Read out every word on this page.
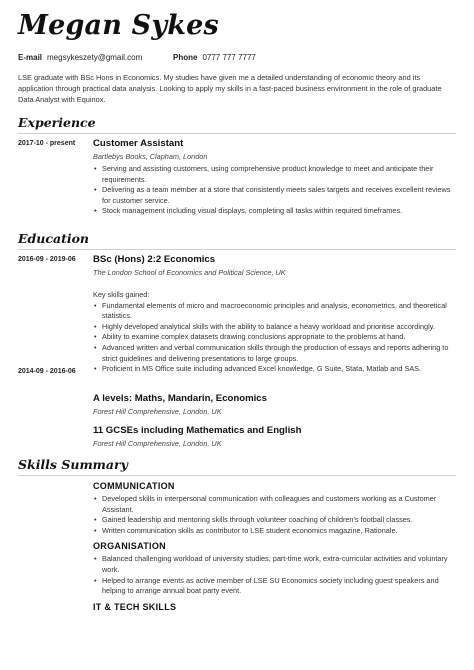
Megan Sykes
E-mail megsykeszety@gmail.com	Phone 0777 777 7777
LSE graduate with BSc Hons in Economics. My studies have given me a detailed understanding of economic theory and its application through practical data analysis. Looking to apply my skills in a fast-paced business environment in the role of graduate Data Analyst with Equinox.
Experience
2017-10 - present Customer Assistant
Bartlebys Books, Clapham, London
• Serving and assisting customers, using comprehensive product knowledge to meet and anticipate their requirements.
• Delivering as a team member at a store that consistently meets sales targets and receives excellent reviews for customer service.
• Stock management including visual displays, completing all tasks within required timeframes.
Education
2016-09 - 2019-06 BSc (Hons) 2:2 Economics
The London School of Economics and Political Science, UK
Key skills gained:
• Fundamental elements of micro and macroeconomic principles and analysis, econometrics, and theoretical statistics.
• Highly developed analytical skills with the ability to balance a heavy workload and prioritise accordingly.
• Ability to examine complex datasets drawing conclusions appropriate to the problems at hand.
• Advanced written and verbal communication skills through the production of essays and reports adhering to strict guidelines and delivering presentations to large groups.
• Proficient in MS Office suite including advanced Excel knowledge, G Suite, Stata, Matlab and SAS.
2014-09 - 2016-06
A levels: Maths, Mandarin, Economics
Forest Hill Comprehensive, London, UK
11 GCSEs including Mathematics and English
Forest Hill Comprehensive, London, UK
Skills Summary
COMMUNICATION
• Developed skills in interpersonal communication with colleagues and customers working as a Customer Assistant.
• Gained leadership and mentoring skills through volunteer coaching of children's football classes.
• Written communication skills as contributor to LSE student economics magazine, Rationale.
ORGANISATION
• Balanced challenging workload of university studies, part-time work, extra-curricular activities and voluntary work.
• Helped to arrange events as active member of LSE SU Economics society including guest speakers and helping to arrange annual boat party event.
IT & TECH SKILLS
